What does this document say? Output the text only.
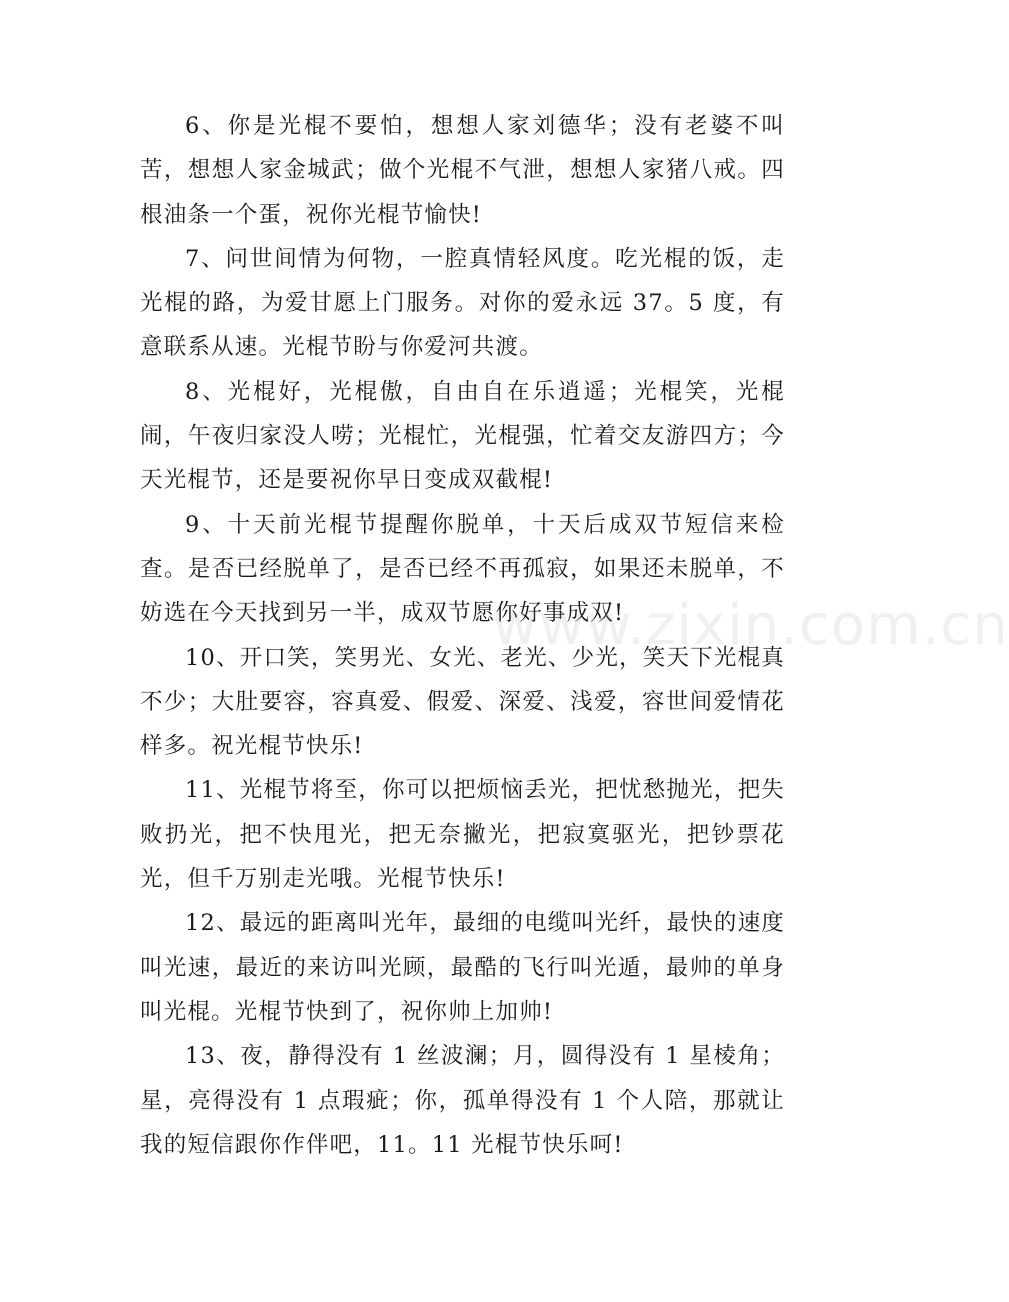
6、你是光棍不要怕，想想人家刘德华；没有老婆不叫苦，想想人家金城武；做个光棍不气泄，想想人家猪八戒。四根油条一个蛋，祝你光棍节愉快!

7、问世间情为何物，一腔真情轻风度。吃光棍的饭，走光棍的路，为爱甘愿上门服务。对你的爱永远 37。5 度，有意联系从速。光棍节盼与你爱河共渡。

8、光棍好，光棍傲，自由自在乐逍遥；光棍笑，光棍闹，午夜归家没人唠；光棍忙，光棍强，忙着交友游四方；今天光棍节，还是要祝你早日变成双截棍!

9、十天前光棍节提醒你脱单，十天后成双节短信来检查。是否已经脱单了，是否已经不再孤寂，如果还未脱单，不妨选在今天找到另一半，成双节愿你好事成双!

10、开口笑，笑男光、女光、老光、少光，笑天下光棍真不少；大肚要容，容真爱、假爱、深爱、浅爱，容世间爱情花样多。祝光棍节快乐!

11、光棍节将至，你可以把烦恼丢光，把忧愁抛光，把失败扔光，把不快甩光，把无奈撇光，把寂寞驱光，把钞票花光，但千万别走光哦。光棍节快乐!

12、最远的距离叫光年，最细的电缆叫光纤，最快的速度叫光速，最近的来访叫光顾，最酷的飞行叫光遁，最帅的单身叫光棍。光棍节快到了，祝你帅上加帅!

13、夜，静得没有 1 丝波澜；月，圆得没有 1 星棱角；星，亮得没有 1 点瑕疵；你，孤单得没有 1 个人陪，那就让我的短信跟你作伴吧，11。11 光棍节快乐呵!

www.zixin.com.cn
